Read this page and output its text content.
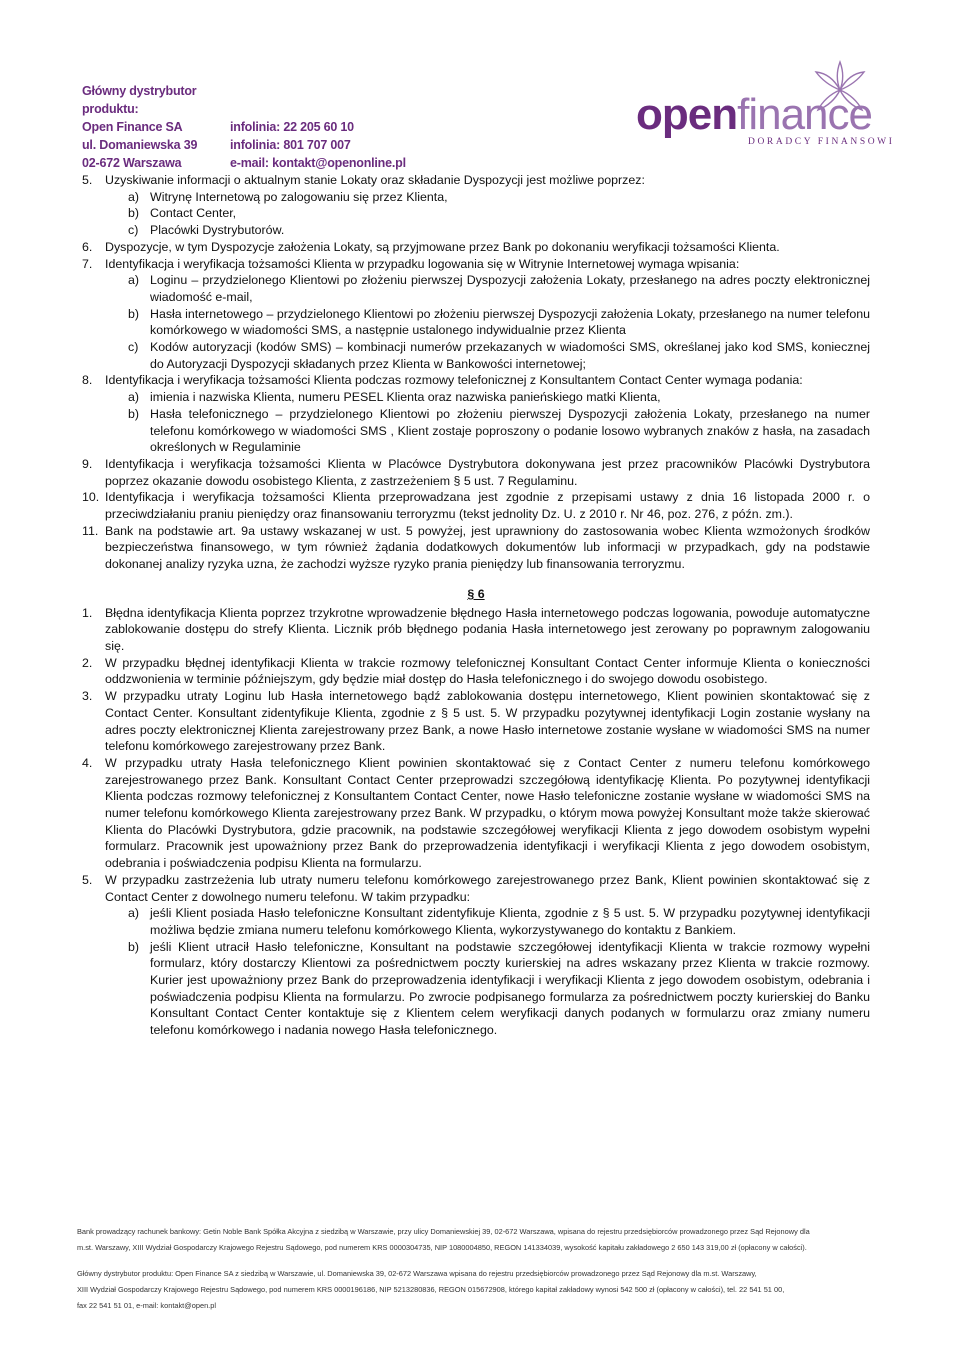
Główny dystrybutor produktu:
Open Finance SA	infolinia: 22 205 60 10
ul. Domaniewska 39	infolinia: 801 707 007
02-672 Warszawa	e-mail: kontakt@openonline.pl
openfinance
DORADCY FINANSOWI
5.	Uzyskiwanie informacji o aktualnym stanie Lokaty oraz składanie Dyspozycji jest możliwe poprzez:
a) Witrynę Internetową po zalogowaniu się przez Klienta,
b) Contact Center,
c) Placówki Dystrybutorów.
6.	Dyspozycje, w tym Dyspozycje założenia Lokaty, są przyjmowane przez Bank po dokonaniu weryfikacji tożsamości Klienta.
7.	Identyfikacja i weryfikacja tożsamości Klienta w przypadku logowania się w Witrynie Internetowej wymaga wpisania:
a) Loginu – przydzielonego Klientowi po złożeniu pierwszej Dyspozycji założenia Lokaty, przesłanego na adres poczty elektronicznej wiadomość e-mail,
b) Hasła internetowego – przydzielonego Klientowi po złożeniu pierwszej Dyspozycji założenia Lokaty, przesłanego na numer telefonu komórkowego w wiadomości SMS, a następnie ustalonego indywidualnie przez Klienta
c) Kodów autoryzacji (kodów SMS) – kombinacji numerów przekazanych w wiadomości SMS, określanej jako kod SMS, koniecznej do Autoryzacji Dyspozycji składanych przez Klienta w Bankowości internetowej;
8.	Identyfikacja i weryfikacja tożsamości Klienta podczas rozmowy telefonicznej z Konsultantem Contact Center wymaga podania:
a) imienia i nazwiska Klienta, numeru PESEL Klienta oraz nazwiska panieńskiego matki Klienta,
b) Hasła telefonicznego – przydzielonego Klientowi po złożeniu pierwszej Dyspozycji założenia Lokaty, przesłanego na numer telefonu komórkowego w wiadomości SMS , Klient zostaje poproszony o podanie losowo wybranych znaków z hasła, na zasadach określonych w Regulaminie
9.	Identyfikacja i weryfikacja tożsamości Klienta w Placówce Dystrybutora dokonywana jest przez pracowników Placówki Dystrybutora poprzez okazanie dowodu osobistego Klienta, z zastrzeżeniem § 5 ust. 7 Regulaminu.
10. Identyfikacja i weryfikacja tożsamości Klienta przeprowadzana jest zgodnie z przepisami ustawy z dnia 16 listopada 2000 r. o przeciwdziałaniu praniu pieniędzy oraz finansowaniu terroryzmu (tekst jednolity Dz. U. z 2010 r. Nr 46, poz. 276, z późn. zm.).
11. Bank na podstawie art. 9a ustawy wskazanej w ust. 5 powyżej, jest uprawniony do zastosowania wobec Klienta wzmożonych środków bezpieczeństwa finansowego, w tym również żądania dodatkowych dokumentów lub informacji w przypadkach, gdy na podstawie dokonanej analizy ryzyka uzna, że zachodzi wyższe ryzyko prania pieniędzy lub finansowania terroryzmu.
§ 6
1.	Błędna identyfikacja Klienta poprzez trzykrotne wprowadzenie błędnego Hasła internetowego podczas logowania, powoduje automatyczne zablokowanie dostępu do strefy Klienta. Licznik prób błędnego podania Hasła internetowego jest zerowany po poprawnym zalogowaniu się.
2.	W przypadku błędnej identyfikacji Klienta w trakcie rozmowy telefonicznej Konsultant Contact Center informuje Klienta o konieczności oddzwonienia w terminie późniejszym, gdy będzie miał dostęp do Hasła telefonicznego i do swojego dowodu osobistego.
3.	W przypadku utraty Loginu lub Hasła internetowego bądź zablokowania dostępu internetowego, Klient powinien skontaktować się z Contact Center. Konsultant zidentyfikuje Klienta, zgodnie z § 5 ust. 5. W przypadku pozytywnej identyfikacji Login zostanie wysłany na adres poczty elektronicznej Klienta zarejestrowany przez Bank, a nowe Hasło internetowe zostanie wysłane w wiadomości SMS na numer telefonu komórkowego zarejestrowany przez Bank.
4.	W przypadku utraty Hasła telefonicznego Klient powinien skontaktować się z Contact Center z numeru telefonu komórkowego zarejestrowanego przez Bank. Konsultant Contact Center przeprowadzi szczegółową identyfikację Klienta. Po pozytywnej identyfikacji Klienta podczas rozmowy telefonicznej z Konsultantem Contact Center, nowe Hasło telefoniczne zostanie wysłane w wiadomości SMS na numer telefonu komórkowego Klienta zarejestrowany przez Bank. W przypadku, o którym mowa powyżej Konsultant może także skierować Klienta do Placówki Dystrybutora, gdzie pracownik, na podstawie szczegółowej weryfikacji Klienta z jego dowodem osobistym wypełni formularz. Pracownik jest upoważniony przez Bank do przeprowadzenia identyfikacji i weryfikacji Klienta z jego dowodem osobistym, odebrania i poświadczenia podpisu Klienta na formularzu.
5.	W przypadku zastrzeżenia lub utraty numeru telefonu komórkowego zarejestrowanego przez Bank, Klient powinien skontaktować się z Contact Center z dowolnego numeru telefonu. W takim przypadku:
a) jeśli Klient posiada Hasło telefoniczne Konsultant zidentyfikuje Klienta, zgodnie z § 5 ust. 5. W przypadku pozytywnej identyfikacji możliwa będzie zmiana numeru telefonu komórkowego Klienta, wykorzystywanego do kontaktu z Bankiem.
b) jeśli Klient utracił Hasło telefoniczne, Konsultant na podstawie szczegółowej identyfikacji Klienta w trakcie rozmowy wypełni formularz, który dostarczy Klientowi za pośrednictwem poczty kurierskiej na adres wskazany przez Klienta w trakcie rozmowy. Kurier jest upoważniony przez Bank do przeprowadzenia identyfikacji i weryfikacji Klienta z jego dowodem osobistym, odebrania i poświadczenia podpisu Klienta na formularzu. Po zwrocie podpisanego formularza za pośrednictwem poczty kurierskiej do Banku Konsultant Contact Center kontaktuje się z Klientem celem weryfikacji danych podanych w formularzu oraz zmiany numeru telefonu komórkowego i nadania nowego Hasła telefonicznego.

Bank prowadzący rachunek bankowy: Getin Noble Bank Spółka Akcyjna z siedzibą w Warszawie, przy ulicy Domaniewskiej 39, 02-672 Warszawa, wpisana do rejestru przedsiębiorców prowadzonego przez Sąd Rejonowy dla

m.st. Warszawy, XIII Wydział Gospodarczy Krajowego Rejestru Sądowego, pod numerem KRS 0000304735, NIP 1080004850, REGON 141334039, wysokość kapitału zakładowego 2 650 143 319,00 zł (opłacony w całości).

Główny dystrybutor produktu: Open Finance SA z siedzibą w Warszawie, ul. Domaniewska 39, 02-672 Warszawa wpisana do rejestru przedsiębiorców prowadzonego przez Sąd Rejonowy dla m.st. Warszawy,

XIII Wydział Gospodarczy Krajowego Rejestru Sądowego, pod numerem KRS 0000196186, NIP 5213280836, REGON 015672908, którego kapitał zakładowy wynosi 542 500 zł (opłacony w całości), tel. 22 541 51 00,

fax 22 541 51 01, e-mail: kontakt@open.pl
